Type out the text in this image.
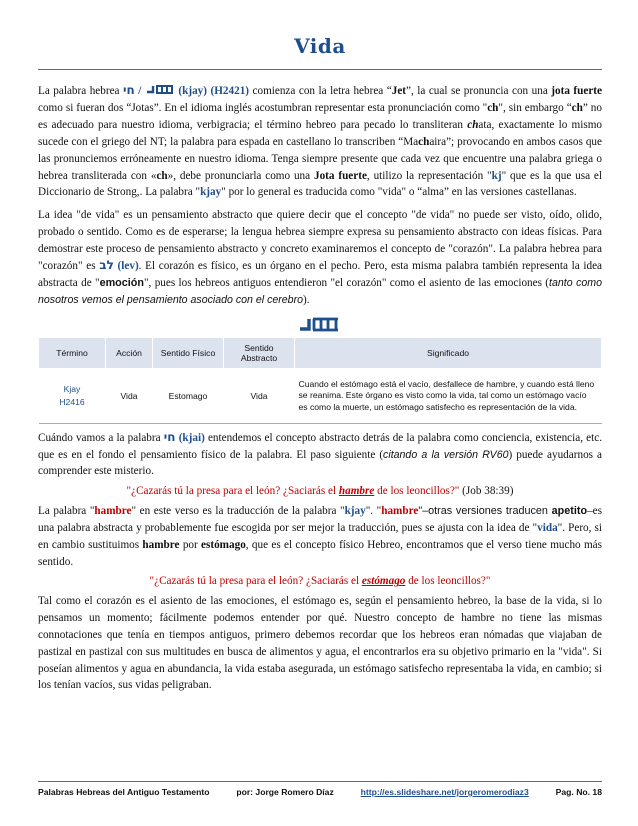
Vida

La palabra hebrea חי /	(kjay) (H2421) comienza con la letra hebrea “Jet”, la cual se pronuncia con una jota fuerte como si fueran dos “Jotas”. En el idioma inglés acostumbran representar esta pronunciación como "ch", sin embargo “ch” no es adecuado para nuestro idioma, verbigracia; el término hebreo para pecado lo transliteran chata, exactamente lo mismo sucede con el griego del NT; la palabra para espada en castellano lo transcriben “Machaira”; provocando en ambos casos que las pronunciemos erróneamente en nuestro idioma. Tenga siempre presente que cada vez que encuentre una palabra griega o hebrea transliterada con «ch», debe pronunciarla como una Jota fuerte, utilizo la representación "kj" que es la que usa el Diccionario de Strong,. La palabra "kjay" por lo general es traducida como "vida" o “alma” en las versiones castellanas.

La idea "de vida" es un pensamiento abstracto que quiere decir que el concepto "de vida" no puede ser visto, oído, olido, probado o sentido. Como es de esperarse; la lengua hebrea siempre expresa su pensamiento abstracto con ideas físicas. Para demostrar este proceso de pensamiento abstracto y concreto examinaremos el concepto de "corazón". La palabra hebrea para "corazón" es לב (lev). El corazón es físico, es un órgano en el pecho. Pero, esta misma palabra también representa la idea abstracta de "emoción", pues los hebreos antiguos entendieron "el corazón" como el asiento de las emociones (tanto como nosotros vemos el pensamiento asociado con el cerebro).

Término	Acción	Sentido Físico	Sentido Abstracto	Significado

Kjay
H2416	Vida	Estomago	Vida	Cuando el estómago está el vacío, desfallece de hambre, y cuando está lleno se reanima. Este órgano es visto como la vida, tal como un estómago vacío es como la muerte, un estómago satisfecho es representación de la vida.

Cuándo vamos a la palabra חי (kjai) entendemos el concepto abstracto detrás de la palabra como conciencia, existencia, etc. que es en el fondo el pensamiento físico de la palabra. El paso siguiente (citando a la versión RV60) puede ayudarnos a comprender este misterio.

"¿Cazarás tú la presa para el león? ¿Saciarás el hambre de los leoncillos?" (Job 38:39)

La palabra "hambre" en este verso es la traducción de la palabra "kjay". "hambre"–otras versiones traducen apetito–es una palabra abstracta y probablemente fue escogida por ser mejor la traducción, pues se ajusta con la idea de "vida". Pero, si en cambio sustituimos hambre por estómago, que es el concepto físico Hebreo, encontramos que el verso tiene mucho más sentido.

"¿Cazarás tú la presa para el león? ¿Saciarás el estómago de los leoncillos?"

Tal como el corazón es el asiento de las emociones, el estómago es, según el pensamiento hebreo, la base de la vida, si lo pensamos un momento; fácilmente podemos entender por qué. Nuestro concepto de hambre no tiene las mismas connotaciones que tenía en tiempos antiguos, primero debemos recordar que los hebreos eran nómadas que viajaban de pastizal en pastizal con sus multitudes en busca de alimentos y agua, el encontrarlos era su objetivo primario en la "vida". Si poseían alimentos y agua en abundancia, la vida estaba asegurada, un estómago satisfecho representaba la vida, en cambio; si los tenían vacíos, sus vidas peligraban.

Palabras Hebreas del Antiguo Testamento	por: Jorge Romero Díaz	http://es.slideshare.net/jorgeromerodiaz3	Pag. No. 18
